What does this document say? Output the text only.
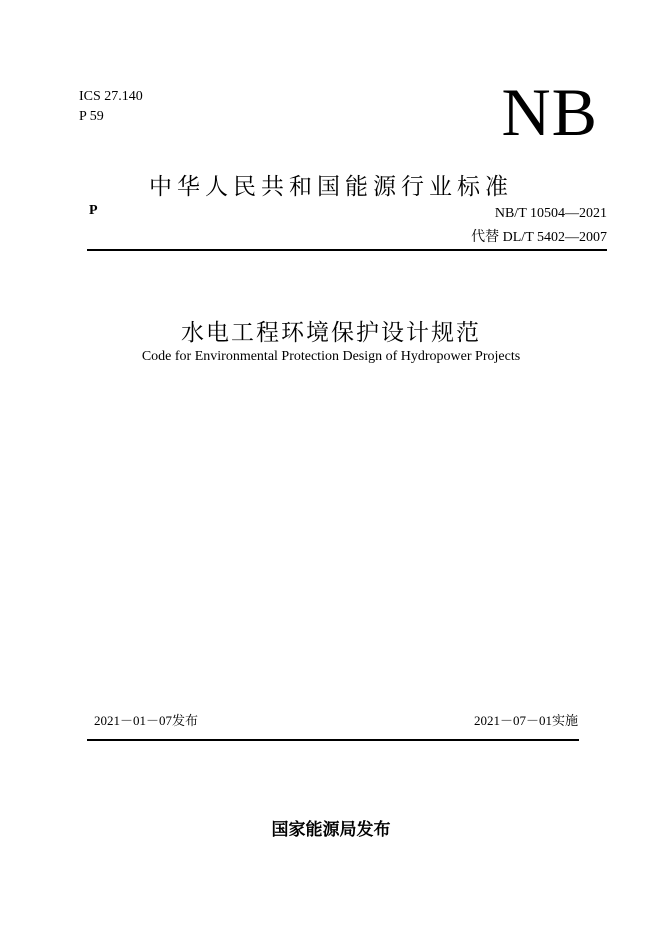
ICS 27.140
P 59	NB
中华人民共和国能源行业标准
P	NB/T 10504—2021
代替 DL/T 5402—2007
水电工程环境保护设计规范
Code for Environmental Protection Design of Hydropower Projects
2021－01－07发布	2021－07－01实施
国家能源局发布
